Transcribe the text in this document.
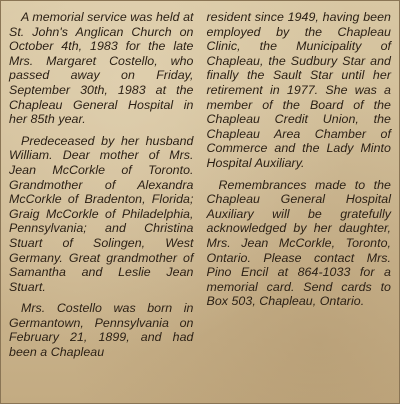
A memorial service was held at St. John's Anglican Church on October 4th, 1983 for the late Mrs. Margaret Costello, who passed away on Friday, September 30th, 1983 at the Chapleau General Hospital in her 85th year.

Predeceased by her husband William. Dear mother of Mrs. Jean McCorkle of Toronto. Grandmother of Alexandra McCorkle of Bradenton, Florida; Graig McCorkle of Philadelphia, Pennsylvania; and Christina Stuart of Solingen, West Germany. Great grandmother of Samantha and Leslie Jean Stuart.

Mrs. Costello was born in Germantown, Pennsylvania on February 21, 1899, and had been a Chapleau

resident since 1949, having been employed by the Chapleau Clinic, the Municipality of Chapleau, the Sudbury Star and finally the Sault Star until her retirement in 1977. She was a member of the Board of the Chapleau Credit Union, the Chapleau Area Chamber of Commerce and the Lady Minto Hospital Auxiliary.

Remembrances made to the Chapleau General Hospital Auxiliary will be gratefully acknowledged by her daughter, Mrs. Jean McCorkle, Toronto, Ontario. Please contact Mrs. Pino Encil at 864-1033 for a memorial card. Send cards to Box 503, Chapleau, Ontario.
